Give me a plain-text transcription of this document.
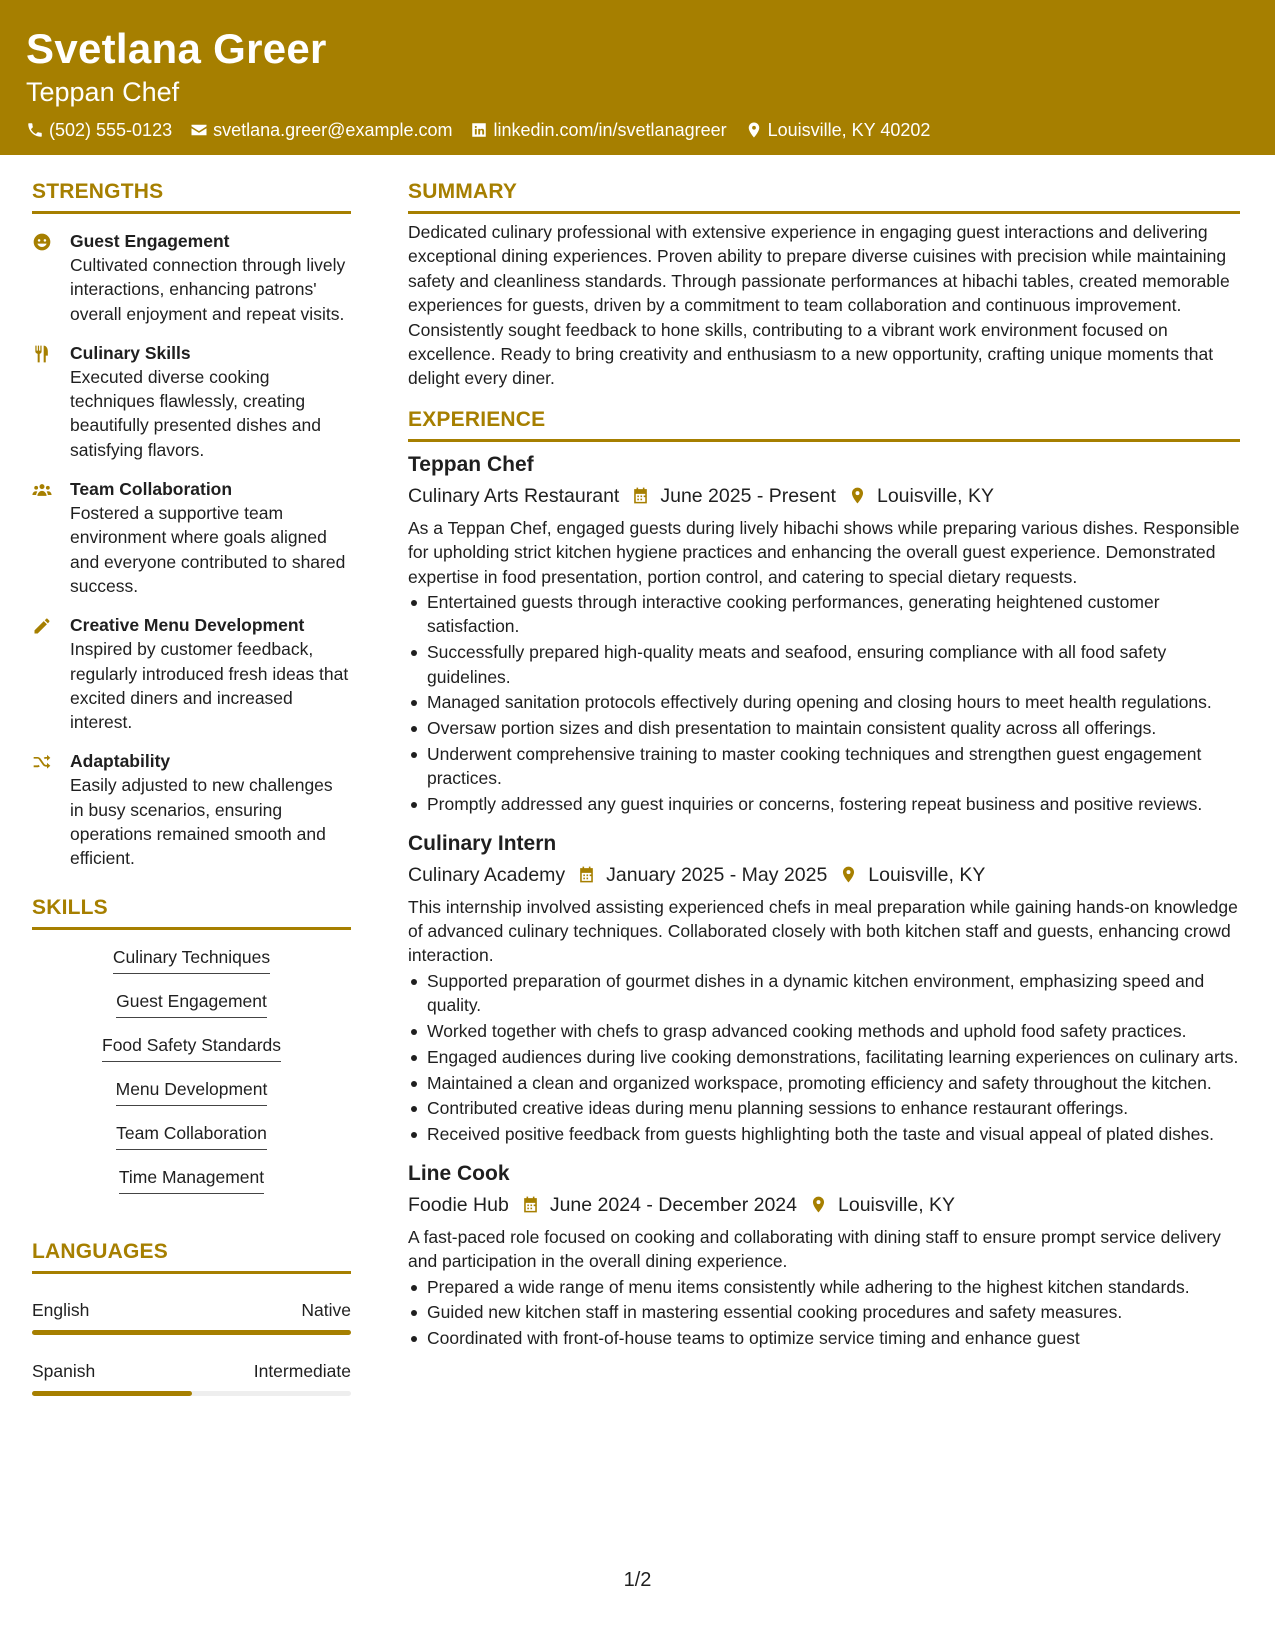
Svetlana Greer
Teppan Chef
(502) 555-0123 svetlana.greer@example.com linkedin.com/in/svetlanagreer Louisville, KY 40202
STRENGTHS
Guest Engagement
Cultivated connection through lively interactions, enhancing patrons' overall enjoyment and repeat visits.
Culinary Skills
Executed diverse cooking techniques flawlessly, creating beautifully presented dishes and satisfying flavors.
Team Collaboration
Fostered a supportive team environment where goals aligned and everyone contributed to shared success.
Creative Menu Development
Inspired by customer feedback, regularly introduced fresh ideas that excited diners and increased interest.
Adaptability
Easily adjusted to new challenges in busy scenarios, ensuring operations remained smooth and efficient.
SKILLS
Culinary Techniques
Guest Engagement
Food Safety Standards
Menu Development
Team Collaboration
Time Management
LANGUAGES
English	Native
Spanish	Intermediate
SUMMARY
Dedicated culinary professional with extensive experience in engaging guest interactions and delivering exceptional dining experiences. Proven ability to prepare diverse cuisines with precision while maintaining safety and cleanliness standards. Through passionate performances at hibachi tables, created memorable experiences for guests, driven by a commitment to team collaboration and continuous improvement. Consistently sought feedback to hone skills, contributing to a vibrant work environment focused on excellence. Ready to bring creativity and enthusiasm to a new opportunity, crafting unique moments that delight every diner.
EXPERIENCE
Teppan Chef
Culinary Arts Restaurant June 2025 - Present Louisville, KY
As a Teppan Chef, engaged guests during lively hibachi shows while preparing various dishes. Responsible for upholding strict kitchen hygiene practices and enhancing the overall guest experience. Demonstrated expertise in food presentation, portion control, and catering to special dietary requests.
Entertained guests through interactive cooking performances, generating heightened customer satisfaction.
Successfully prepared high-quality meats and seafood, ensuring compliance with all food safety guidelines.
Managed sanitation protocols effectively during opening and closing hours to meet health regulations.
Oversaw portion sizes and dish presentation to maintain consistent quality across all offerings.
Underwent comprehensive training to master cooking techniques and strengthen guest engagement practices.
Promptly addressed any guest inquiries or concerns, fostering repeat business and positive reviews.
Culinary Intern
Culinary Academy January 2025 - May 2025 Louisville, KY
This internship involved assisting experienced chefs in meal preparation while gaining hands-on knowledge of advanced culinary techniques. Collaborated closely with both kitchen staff and guests, enhancing crowd interaction.
Supported preparation of gourmet dishes in a dynamic kitchen environment, emphasizing speed and quality.
Worked together with chefs to grasp advanced cooking methods and uphold food safety practices.
Engaged audiences during live cooking demonstrations, facilitating learning experiences on culinary arts.
Maintained a clean and organized workspace, promoting efficiency and safety throughout the kitchen.
Contributed creative ideas during menu planning sessions to enhance restaurant offerings.
Received positive feedback from guests highlighting both the taste and visual appeal of plated dishes.
Line Cook
Foodie Hub June 2024 - December 2024 Louisville, KY
A fast-paced role focused on cooking and collaborating with dining staff to ensure prompt service delivery and participation in the overall dining experience.
Prepared a wide range of menu items consistently while adhering to the highest kitchen standards.
Guided new kitchen staff in mastering essential cooking procedures and safety measures.
Coordinated with front-of-house teams to optimize service timing and enhance guest
1/2
